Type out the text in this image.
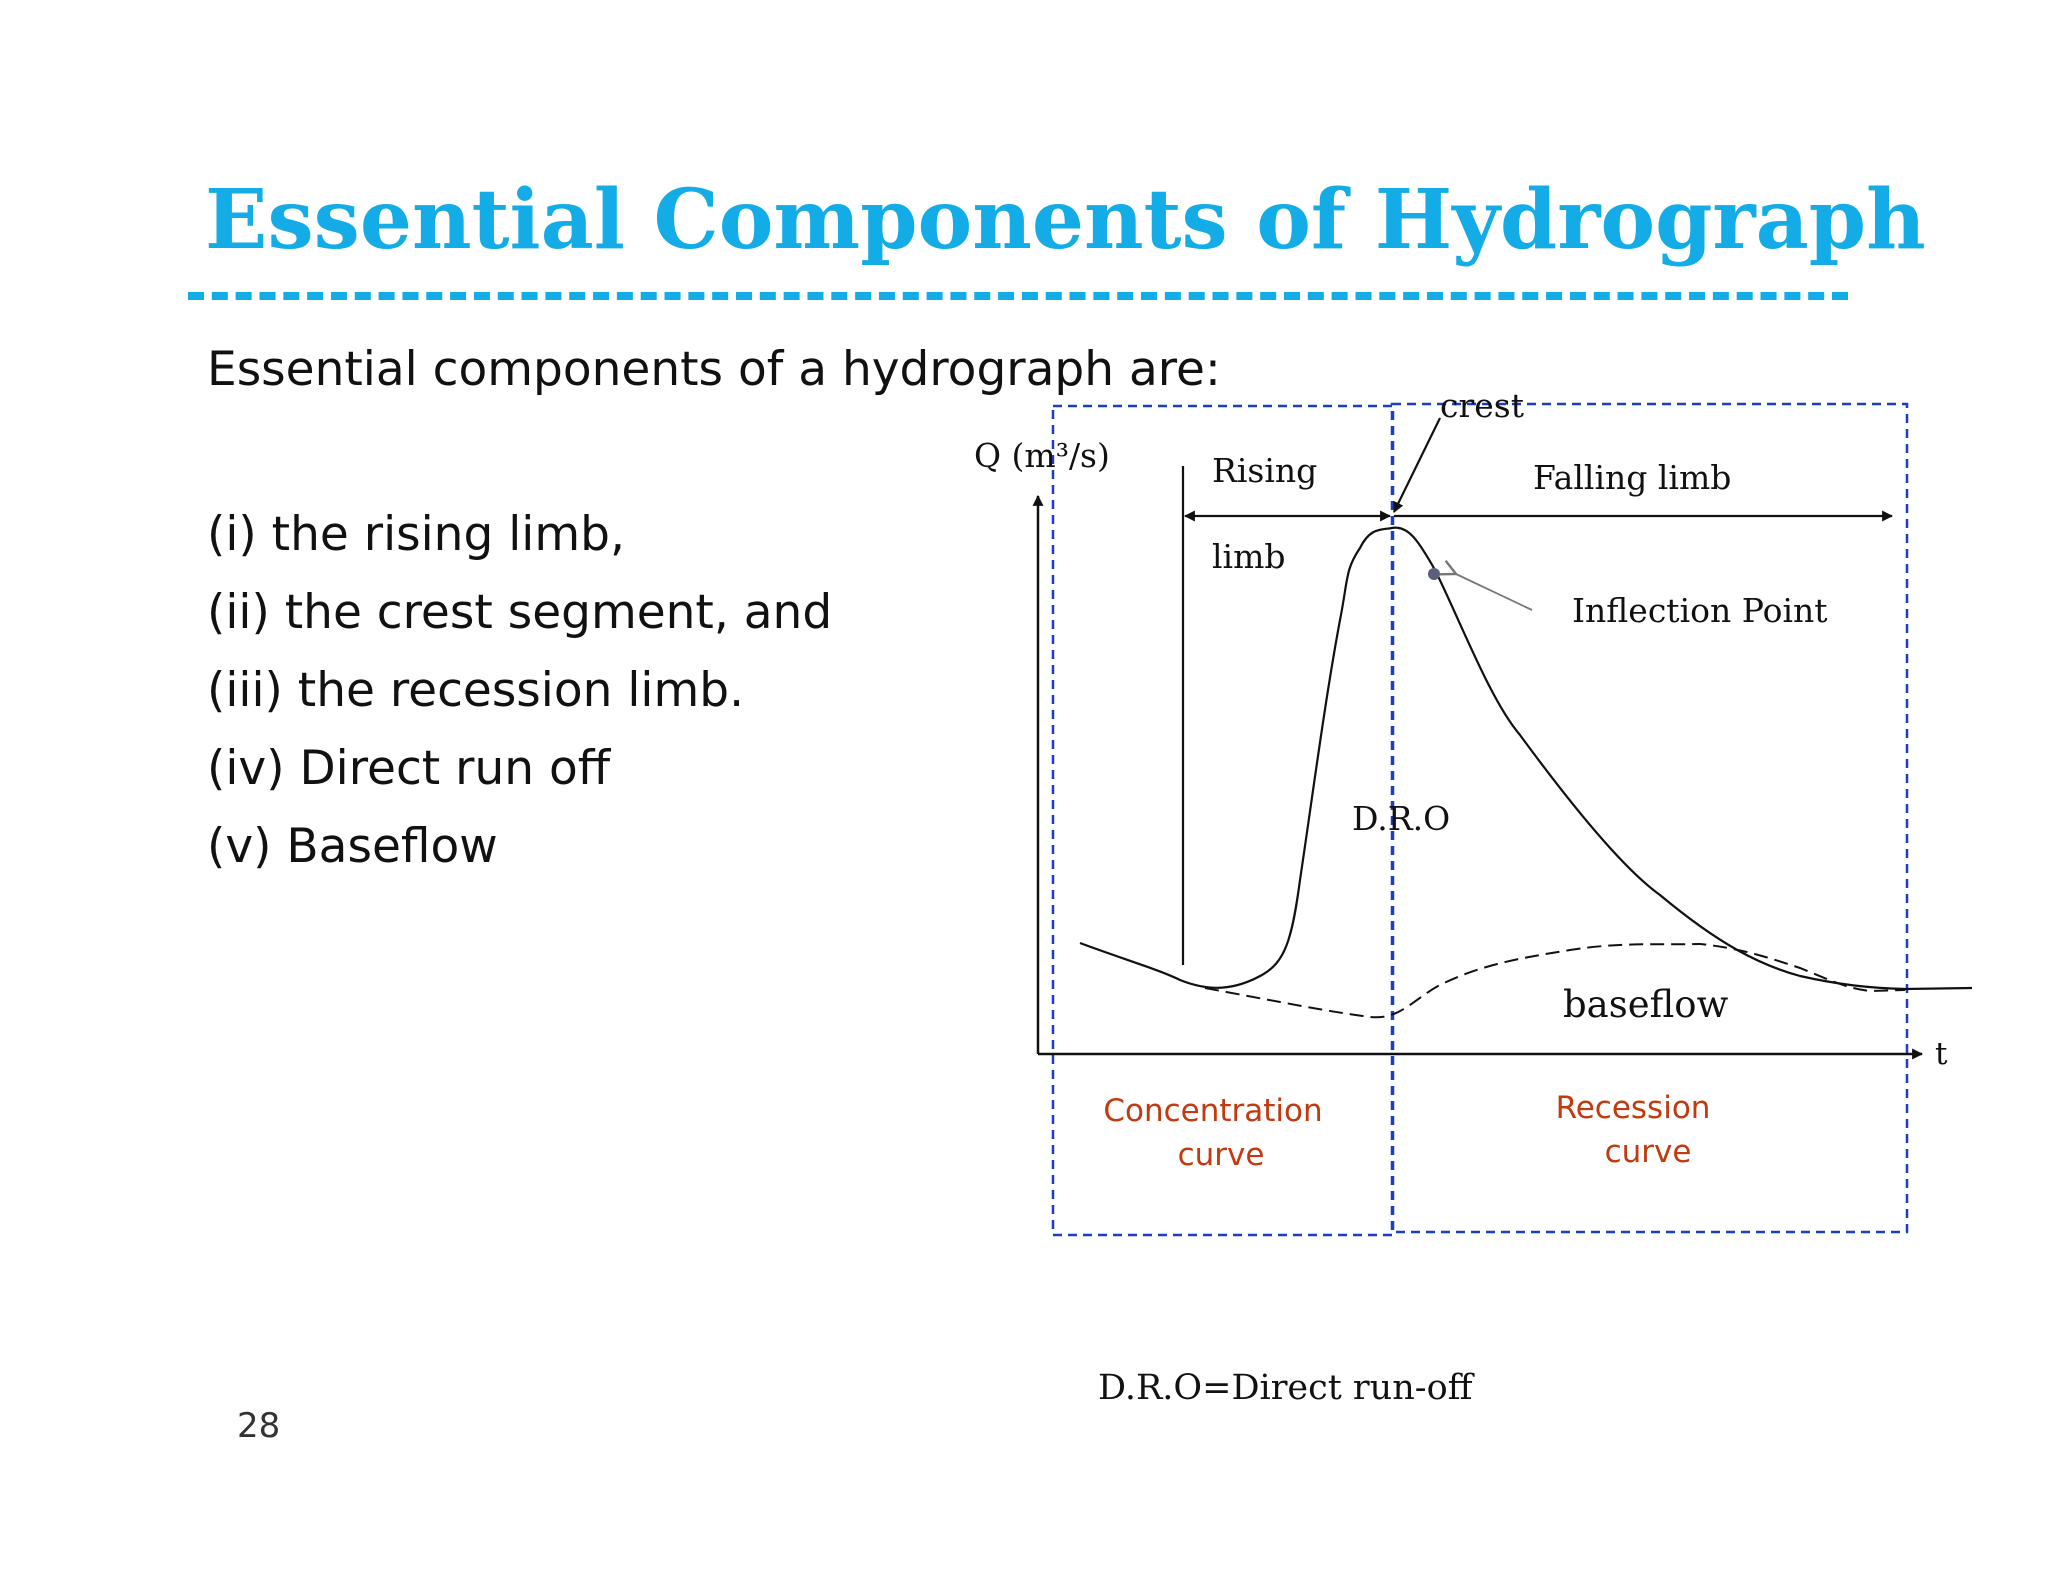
Essential Components of Hydrograph

Essential components of a hydrograph are:

(i) the rising limb,
(ii) the crest segment, and
(iii) the recession limb.
(iv) Direct run off
(v) Baseflow
Q (m³/s)
t
crest
Rising
limb
Falling limb
Inflection Point
D.R.O
baseflow
Concentration
curve
Recession
curve
D.R.O=Direct run-off
28
